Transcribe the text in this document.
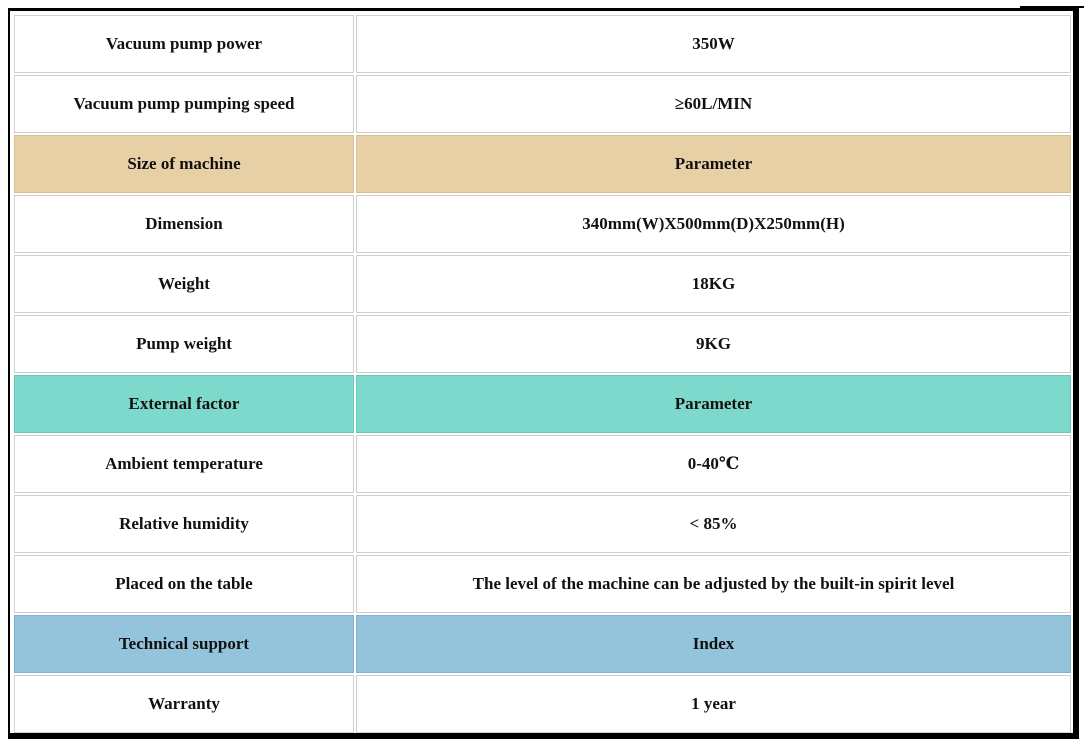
Vacuum pump power	350W
Vacuum pump pumping speed	≥60L/MIN
Size of machine	Parameter
Dimension	340mm(W)X500mm(D)X250mm(H)
Weight	18KG
Pump weight	9KG
External factor	Parameter
Ambient temperature	0-40℃
Relative humidity	< 85%
Placed on the table	The level of the machine can be adjusted by the built-in spirit level
Technical support	Index
Warranty	1 year
